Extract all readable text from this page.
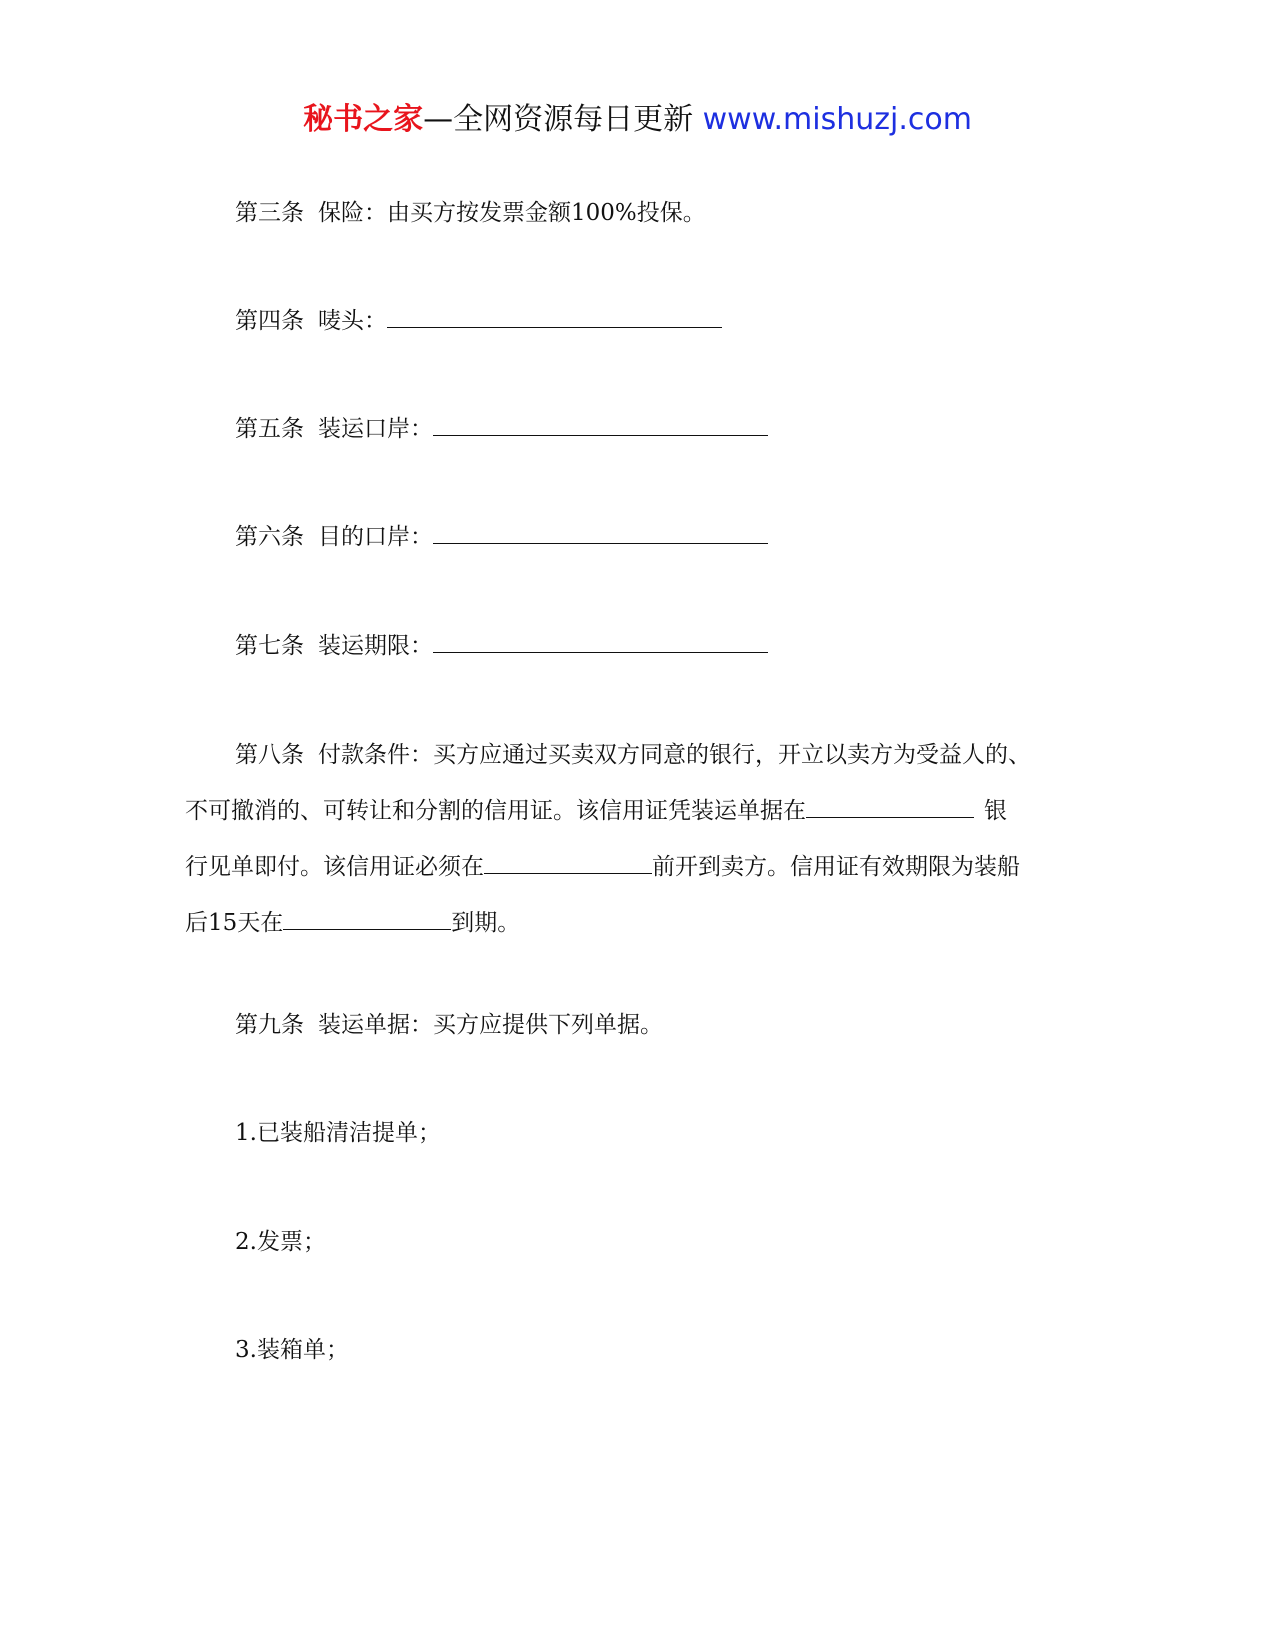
秘书之家—全网资源每日更新 www.mishuzj.com
第三条 保险：由买方按发票金额100%投保。
第四条 唛头：
第五条 装运口岸：
第六条 目的口岸：
第七条 装运期限：
第八条 付款条件：买方应通过买卖双方同意的银行，开立以卖方为受益人的、
不可撤消的、可转让和分割的信用证。该信用证凭装运单据在	银
行见单即付。该信用证必须在	前开到卖方。信用证有效期限为装船
后15天在	到期。
第九条 装运单据：买方应提供下列单据。
1.已装船清洁提单；
2.发票；
3.装箱单；
